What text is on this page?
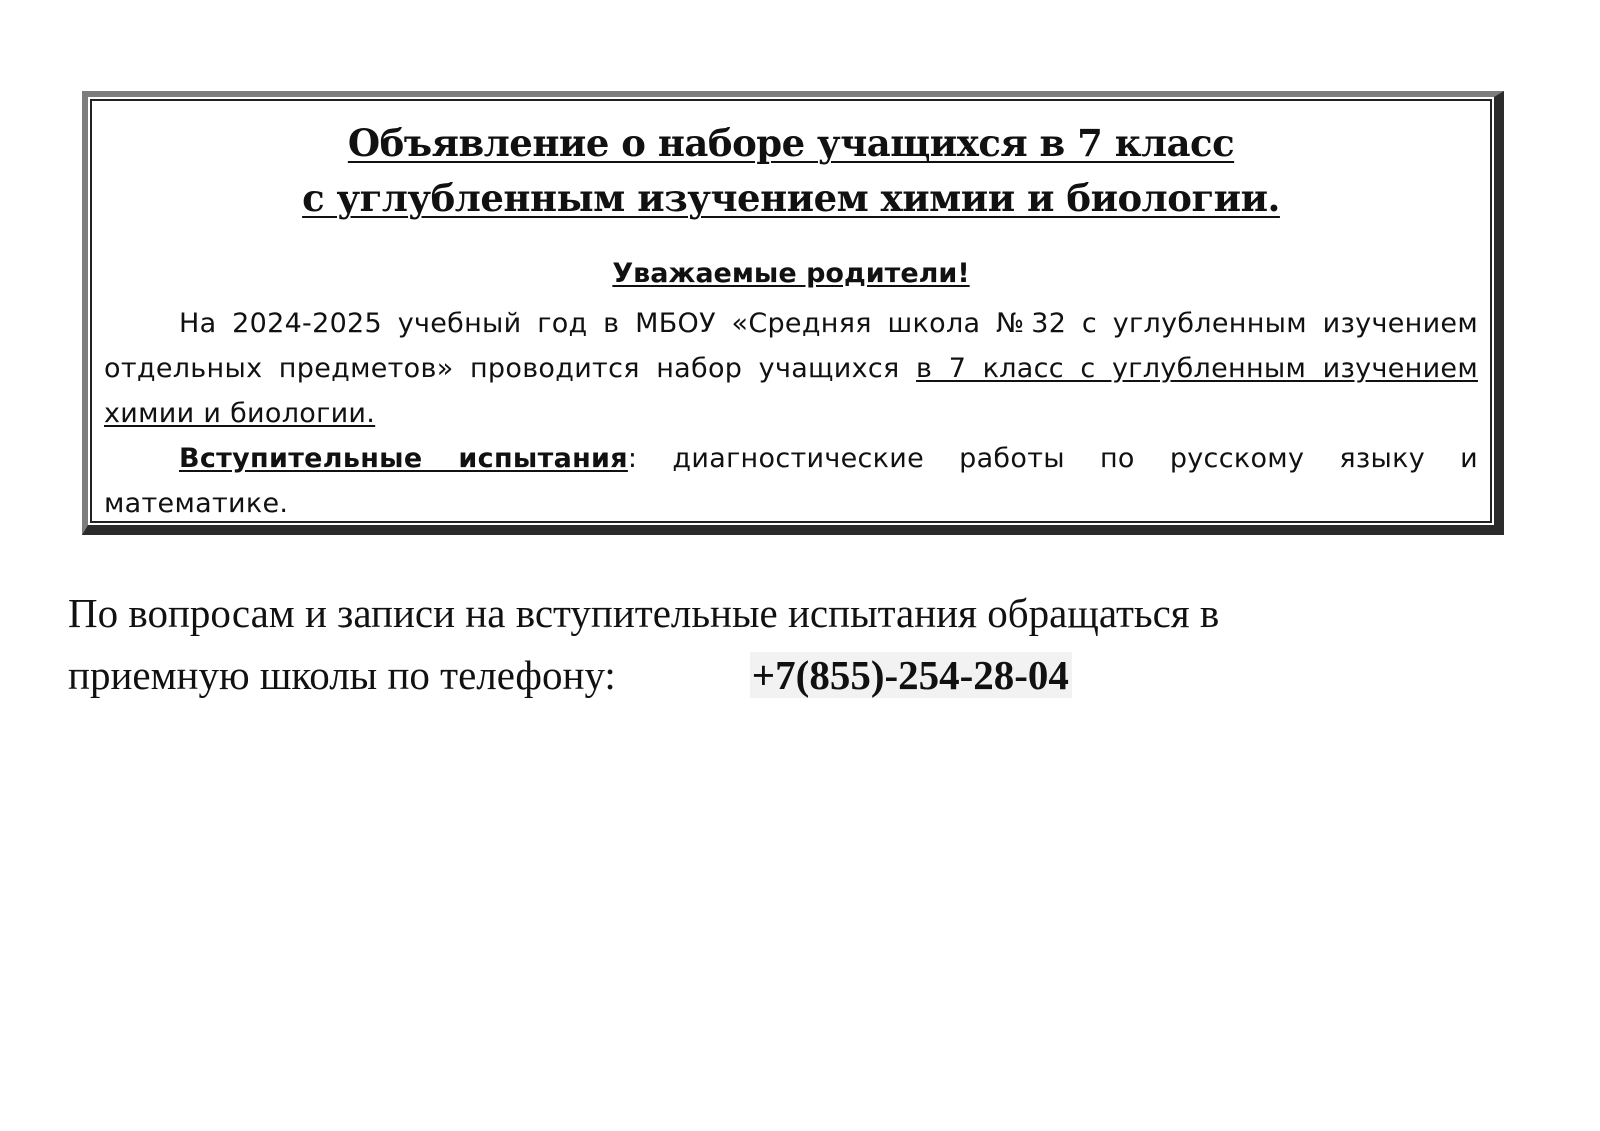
Объявление о наборе учащихся в 7 класс
с углубленным изучением химии и биологии.
Уважаемые родители!

На 2024-2025 учебный год в МБОУ «Средняя школа №32 с углубленным изучением отдельных предметов» проводится набор учащихся в 7 класс с углубленным изучением химии и биологии.

Вступительные испытания: диагностические работы по русскому языку и математике.

По вопросам и записи на вступительные испытания обращаться в
приемную школы по телефону:	+7(855)-254-28-04
